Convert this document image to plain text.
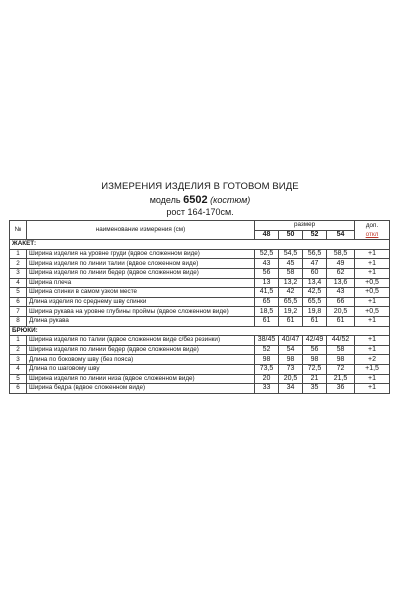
ИЗМЕРЕНИЯ ИЗДЕЛИЯ В ГОТОВОМ ВИДЕ
модель 6502 (костюм)
рост 164-170см.
№	наименование измерения (см)	размер				доп.
		48	50	52	54	откл
ЖАКЕТ:						
1	Ширина изделия на уровне груди (вдвое сложенном виде)	52,5	54,5	56,5	58,5	+1
2	Ширина изделия по линии талии (вдвое сложенном виде)	43	45	47	49	+1
3	Ширина изделия по линии бедер (вдвое сложенном виде)	56	58	60	62	+1
4	Ширина плеча	13	13,2	13,4	13,6	+0,5
5	Ширина спинки в самом узком месте	41,5	42	42,5	43	+0,5
6	Длина изделия по среднему шву спинки	65	65,5	65,5	66	+1
7	Ширина рукава на уровне глубины проймы (вдвое сложенном виде)	18,5	19,2	19,8	20,5	+0,5
8	Длина рукава	61	61	61	61	+1
БРЮКИ:						
1	Ширина изделия по талии (вдвое сложенном виде с/без резинки)	38/45	40/47	42/49	44/52	+1
2	Ширина изделия по линии бедер (вдвое сложенном виде)	52	54	56	58	+1
3	Длина по боковому шву (без пояса)	98	98	98	98	+2
4	Длина по шаговому шву	73,5	73	72,5	72	+1,5
5	Ширина изделия по линии низа (вдвое сложенном виде)	20	20,5	21	21,5	+1
6	Ширина бедра (вдвое сложенном виде)	33	34	35	36	+1
